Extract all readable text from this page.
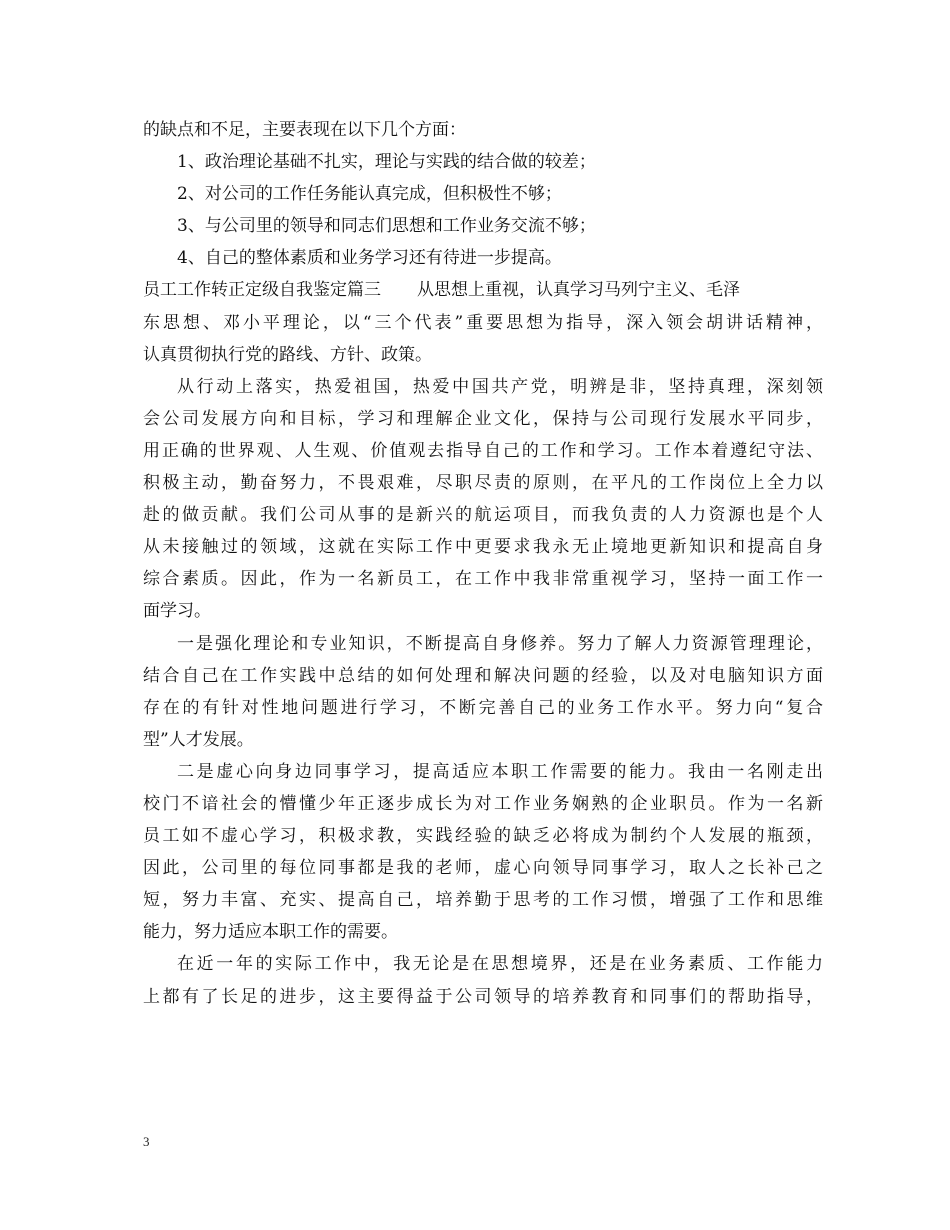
的缺点和不足，主要表现在以下几个方面：
1、政治理论基础不扎实，理论与实践的结合做的较差；
2、对公司的工作任务能认真完成，但积极性不够；
3、与公司里的领导和同志们思想和工作业务交流不够；
4、自己的整体素质和业务学习还有待进一步提高。
员工工作转正定级自我鉴定篇三 从思想上重视，认真学习马列宁主义、毛泽
东思想、邓小平理论，以“三个代表”重要思想为指导，深入领会胡讲话精神，
认真贯彻执行党的路线、方针、政策。
从行动上落实，热爱祖国，热爱中国共产党，明辨是非，坚持真理，深刻领
会公司发展方向和目标，学习和理解企业文化，保持与公司现行发展水平同步，
用正确的世界观、人生观、价值观去指导自己的工作和学习。工作本着遵纪守法、
积极主动，勤奋努力，不畏艰难，尽职尽责的原则，在平凡的工作岗位上全力以
赴的做贡献。我们公司从事的是新兴的航运项目，而我负责的人力资源也是个人
从未接触过的领域，这就在实际工作中更要求我永无止境地更新知识和提高自身
综合素质。因此，作为一名新员工，在工作中我非常重视学习，坚持一面工作一
面学习。
一是强化理论和专业知识，不断提高自身修养。努力了解人力资源管理理论，
结合自己在工作实践中总结的如何处理和解决问题的经验，以及对电脑知识方面
存在的有针对性地问题进行学习，不断完善自己的业务工作水平。努力向“复合
型”人才发展。
二是虚心向身边同事学习，提高适应本职工作需要的能力。我由一名刚走出
校门不谙社会的懵懂少年正逐步成长为对工作业务娴熟的企业职员。作为一名新
员工如不虚心学习，积极求教，实践经验的缺乏必将成为制约个人发展的瓶颈，
因此，公司里的每位同事都是我的老师，虚心向领导同事学习，取人之长补己之
短，努力丰富、充实、提高自己，培养勤于思考的工作习惯，增强了工作和思维
能力，努力适应本职工作的需要。
在近一年的实际工作中，我无论是在思想境界，还是在业务素质、工作能力
上都有了长足的进步，这主要得益于公司领导的培养教育和同事们的帮助指导，
3
